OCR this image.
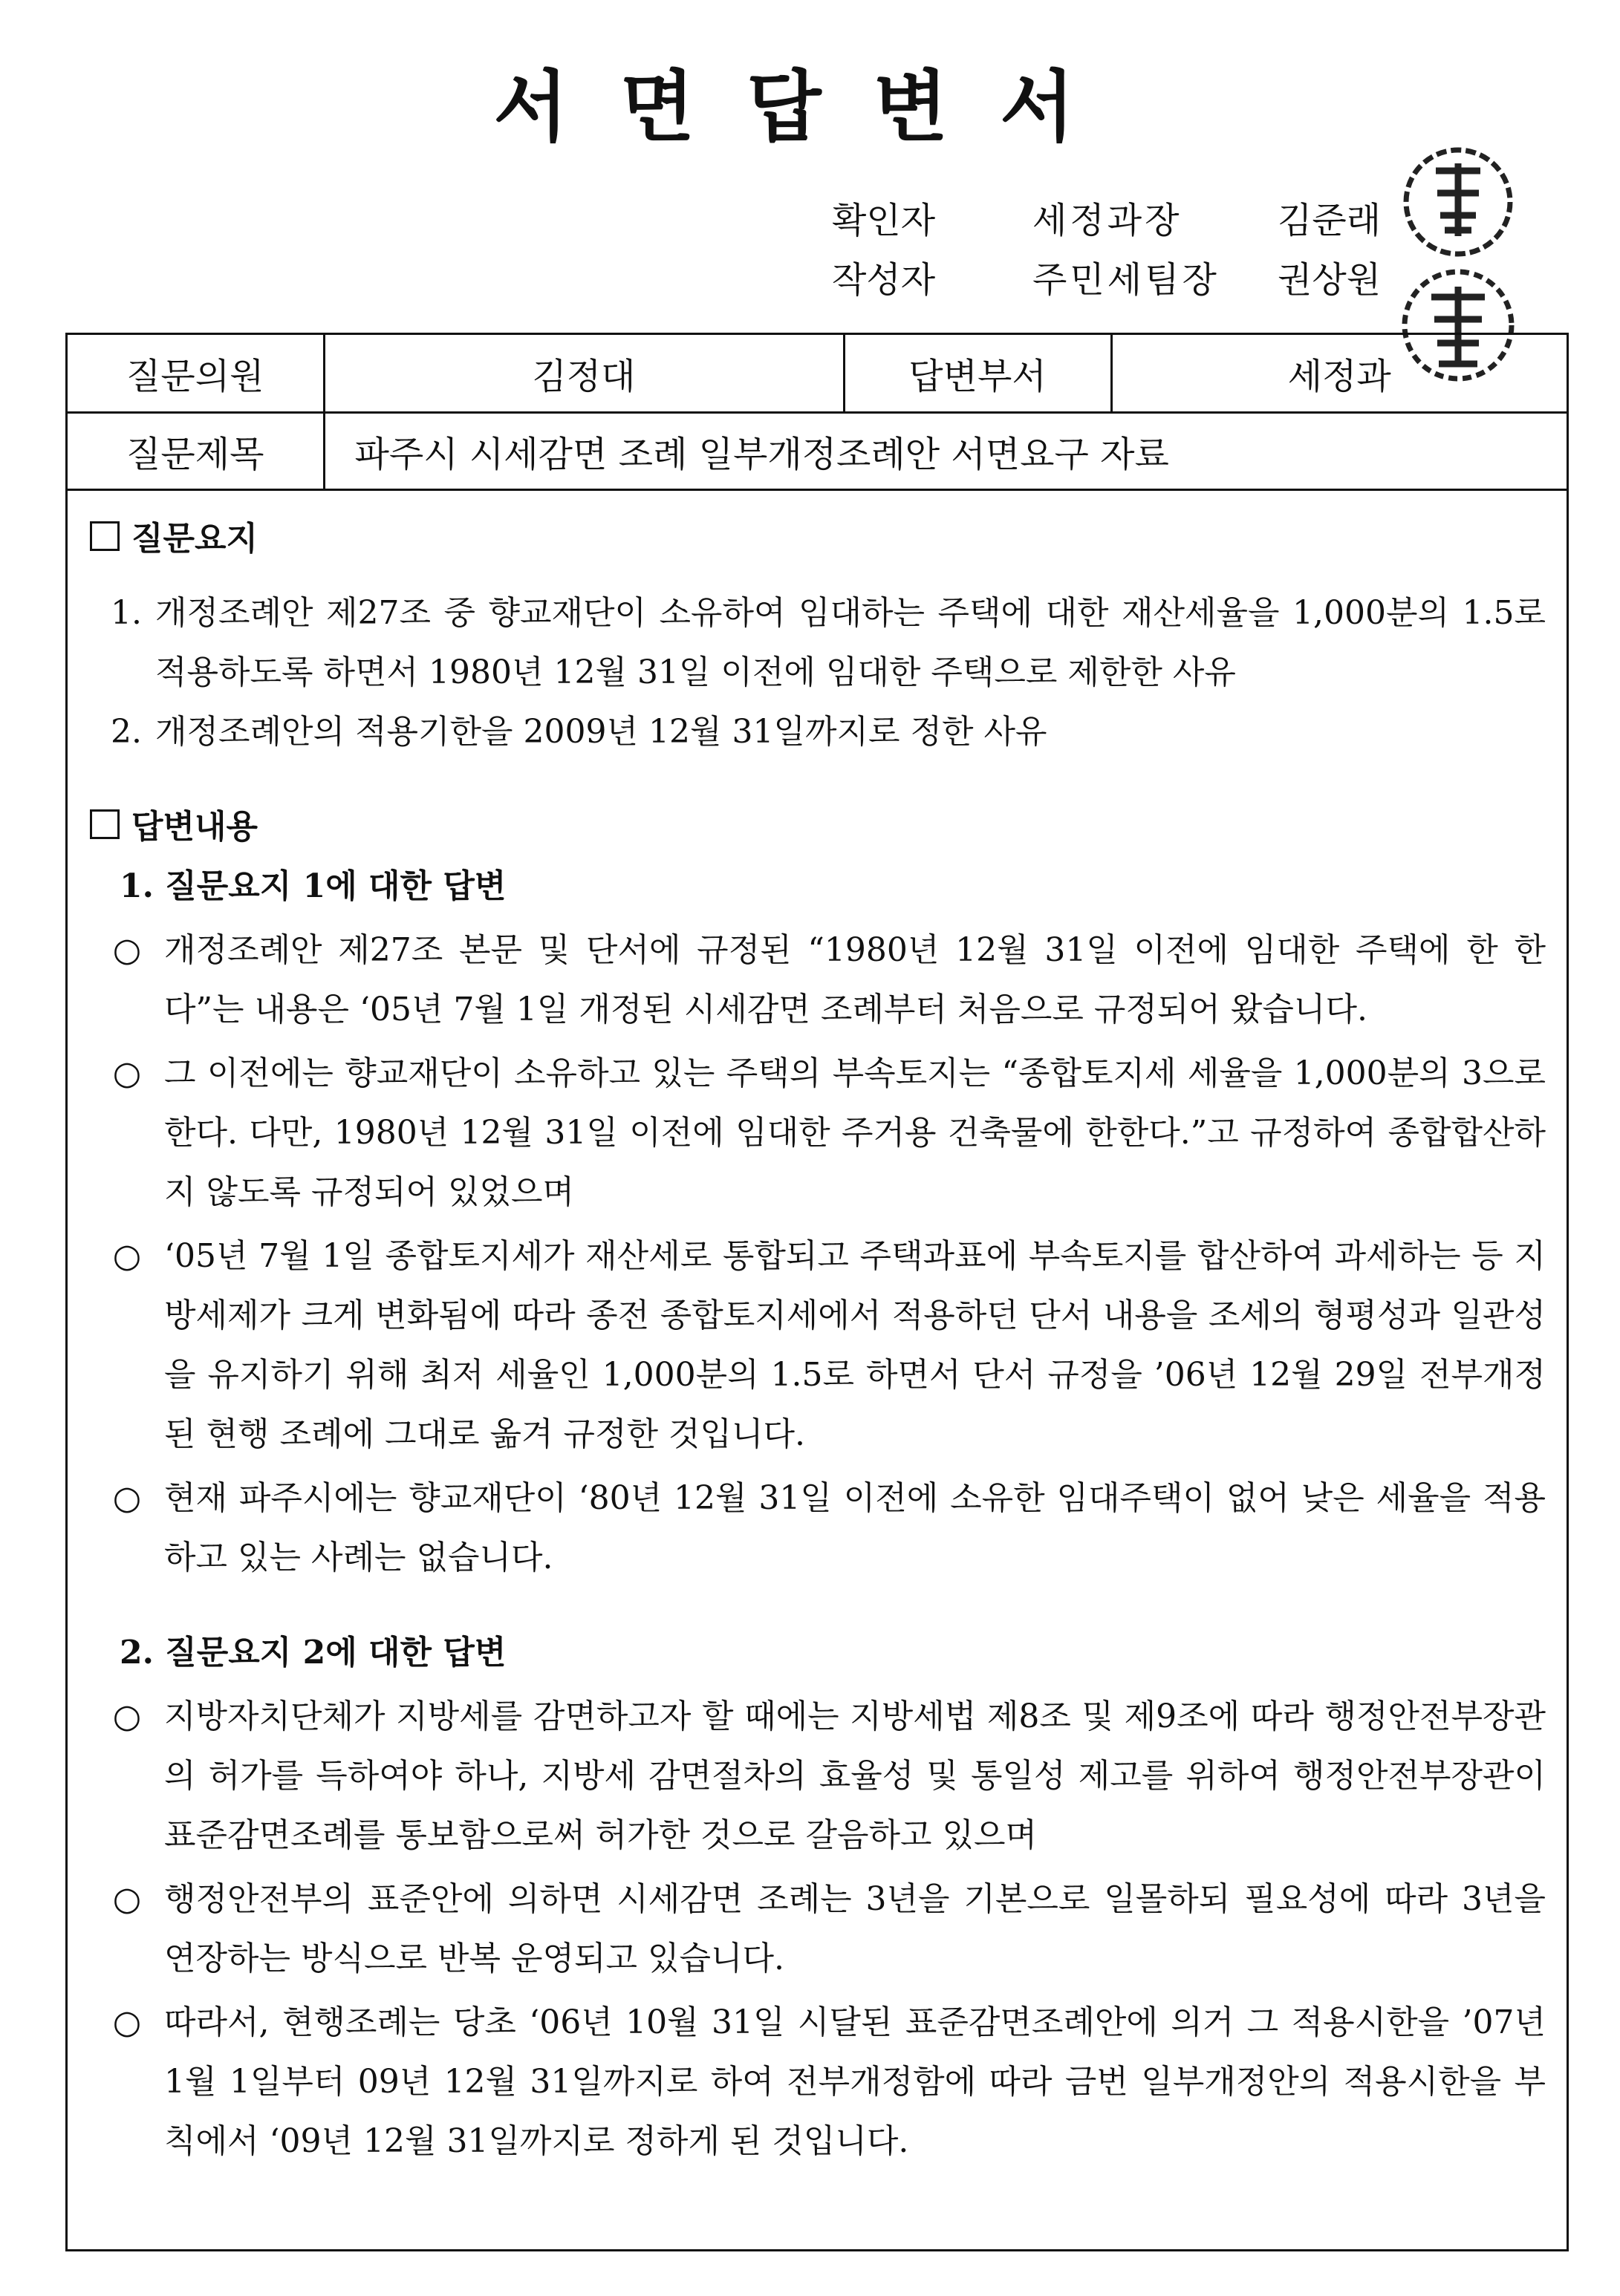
서면답변서
확인자	세정과장	김준래
작성자	주민세팀장 권상원
질문의원	김정대	답변부서	세정과
질문제목	파주시 시세감면 조례 일부개정조례안 서면요구 자료		
질문요지
1. 개정조례안 제27조 중 향교재단이 소유하여 임대하는 주택에 대한 재산세율을 1,000분의 1.5로 적용하도록 하면서 1980년 12월 31일 이전에 임대한 주택으로 제한한 사유
2. 개정조례안의 적용기한을 2009년 12월 31일까지로 정한 사유
답변내용
1. 질문요지 1에 대한 답변
○ 개정조례안 제27조 본문 및 단서에 규정된 “1980년 12월 31일 이전에 임대한 주택에 한 한다”는 내용은 ‘05년 7월 1일 개정된 시세감면 조례부터 처음으로 규정되어 왔습니다.
○ 그 이전에는 향교재단이 소유하고 있는 주택의 부속토지는 “종합토지세 세율을 1,000분의 3으로 한다. 다만, 1980년 12월 31일 이전에 임대한 주거용 건축물에 한한다.”고 규정하여 종합합산하지 않도록 규정되어 있었으며
○ ‘05년 7월 1일 종합토지세가 재산세로 통합되고 주택과표에 부속토지를 합산하여 과세하는 등 지방세제가 크게 변화됨에 따라 종전 종합토지세에서 적용하던 단서 내용을 조세의 형평성과 일관성을 유지하기 위해 최저 세율인 1,000분의 1.5로 하면서 단서 규정을 ’06년 12월 29일 전부개정된 현행 조례에 그대로 옮겨 규정한 것입니다.
○ 현재 파주시에는 향교재단이 ‘80년 12월 31일 이전에 소유한 임대주택이 없어 낮은 세율을 적용하고 있는 사례는 없습니다.
2. 질문요지 2에 대한 답변
○ 지방자치단체가 지방세를 감면하고자 할 때에는 지방세법 제8조 및 제9조에 따라 행정안전부장관의 허가를 득하여야 하나, 지방세 감면절차의 효율성 및 통일성 제고를 위하여 행정안전부장관이 표준감면조례를 통보함으로써 허가한 것으로 갈음하고 있으며
○ 행정안전부의 표준안에 의하면 시세감면 조례는 3년을 기본으로 일몰하되 필요성에 따라 3년을 연장하는 방식으로 반복 운영되고 있습니다.
○ 따라서, 현행조례는 당초 ‘06년 10월 31일 시달된 표준감면조례안에 의거 그 적용시한을 ’07년 1월 1일부터 09년 12월 31일까지로 하여 전부개정함에 따라 금번 일부개정안의 적용시한을 부칙에서 ‘09년 12월 31일까지로 정하게 된 것입니다.
